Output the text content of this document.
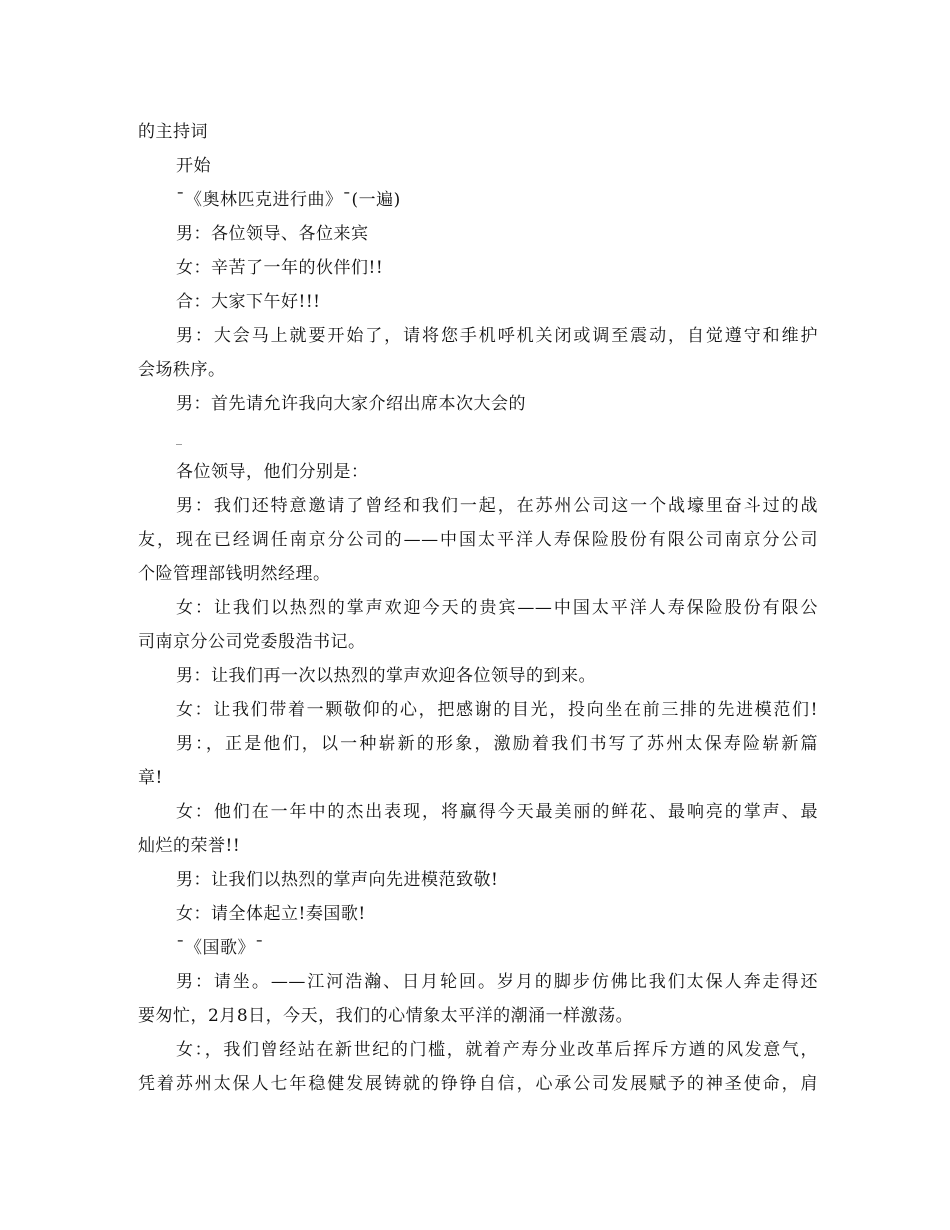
的主持词
开始
¯《奥林匹克进行曲》¯(一遍)
男：各位领导、各位来宾
女：辛苦了一年的伙伴们!!
合：大家下午好!!!
男：大会马上就要开始了，请将您手机呼机关闭或调至震动，自觉遵守和维护
会场秩序。
男：首先请允许我向大家介绍出席本次大会的
_
各位领导，他们分别是：
男：我们还特意邀请了曾经和我们一起，在苏州公司这一个战壕里奋斗过的战
友，现在已经调任南京分公司的——中国太平洋人寿保险股份有限公司南京分公司
个险管理部钱明然经理。
女：让我们以热烈的掌声欢迎今天的贵宾——中国太平洋人寿保险股份有限公
司南京分公司党委殷浩书记。
男：让我们再一次以热烈的掌声欢迎各位领导的到来。
女：让我们带着一颗敬仰的心，把感谢的目光，投向坐在前三排的先进模范们!
男：，正是他们，以一种崭新的形象，激励着我们书写了苏州太保寿险崭新篇
章!
女：他们在一年中的杰出表现，将赢得今天最美丽的鲜花、最响亮的掌声、最
灿烂的荣誉!!
男：让我们以热烈的掌声向先进模范致敬!
女：请全体起立!奏国歌!
¯《国歌》¯
男：请坐。——江河浩瀚、日月轮回。岁月的脚步仿佛比我们太保人奔走得还
要匆忙，2月8日，今天，我们的心情象太平洋的潮涌一样激荡。
女：，我们曾经站在新世纪的门槛，就着产寿分业改革后挥斥方遒的风发意气，
凭着苏州太保人七年稳健发展铸就的铮铮自信，心承公司发展赋予的神圣使命，肩
